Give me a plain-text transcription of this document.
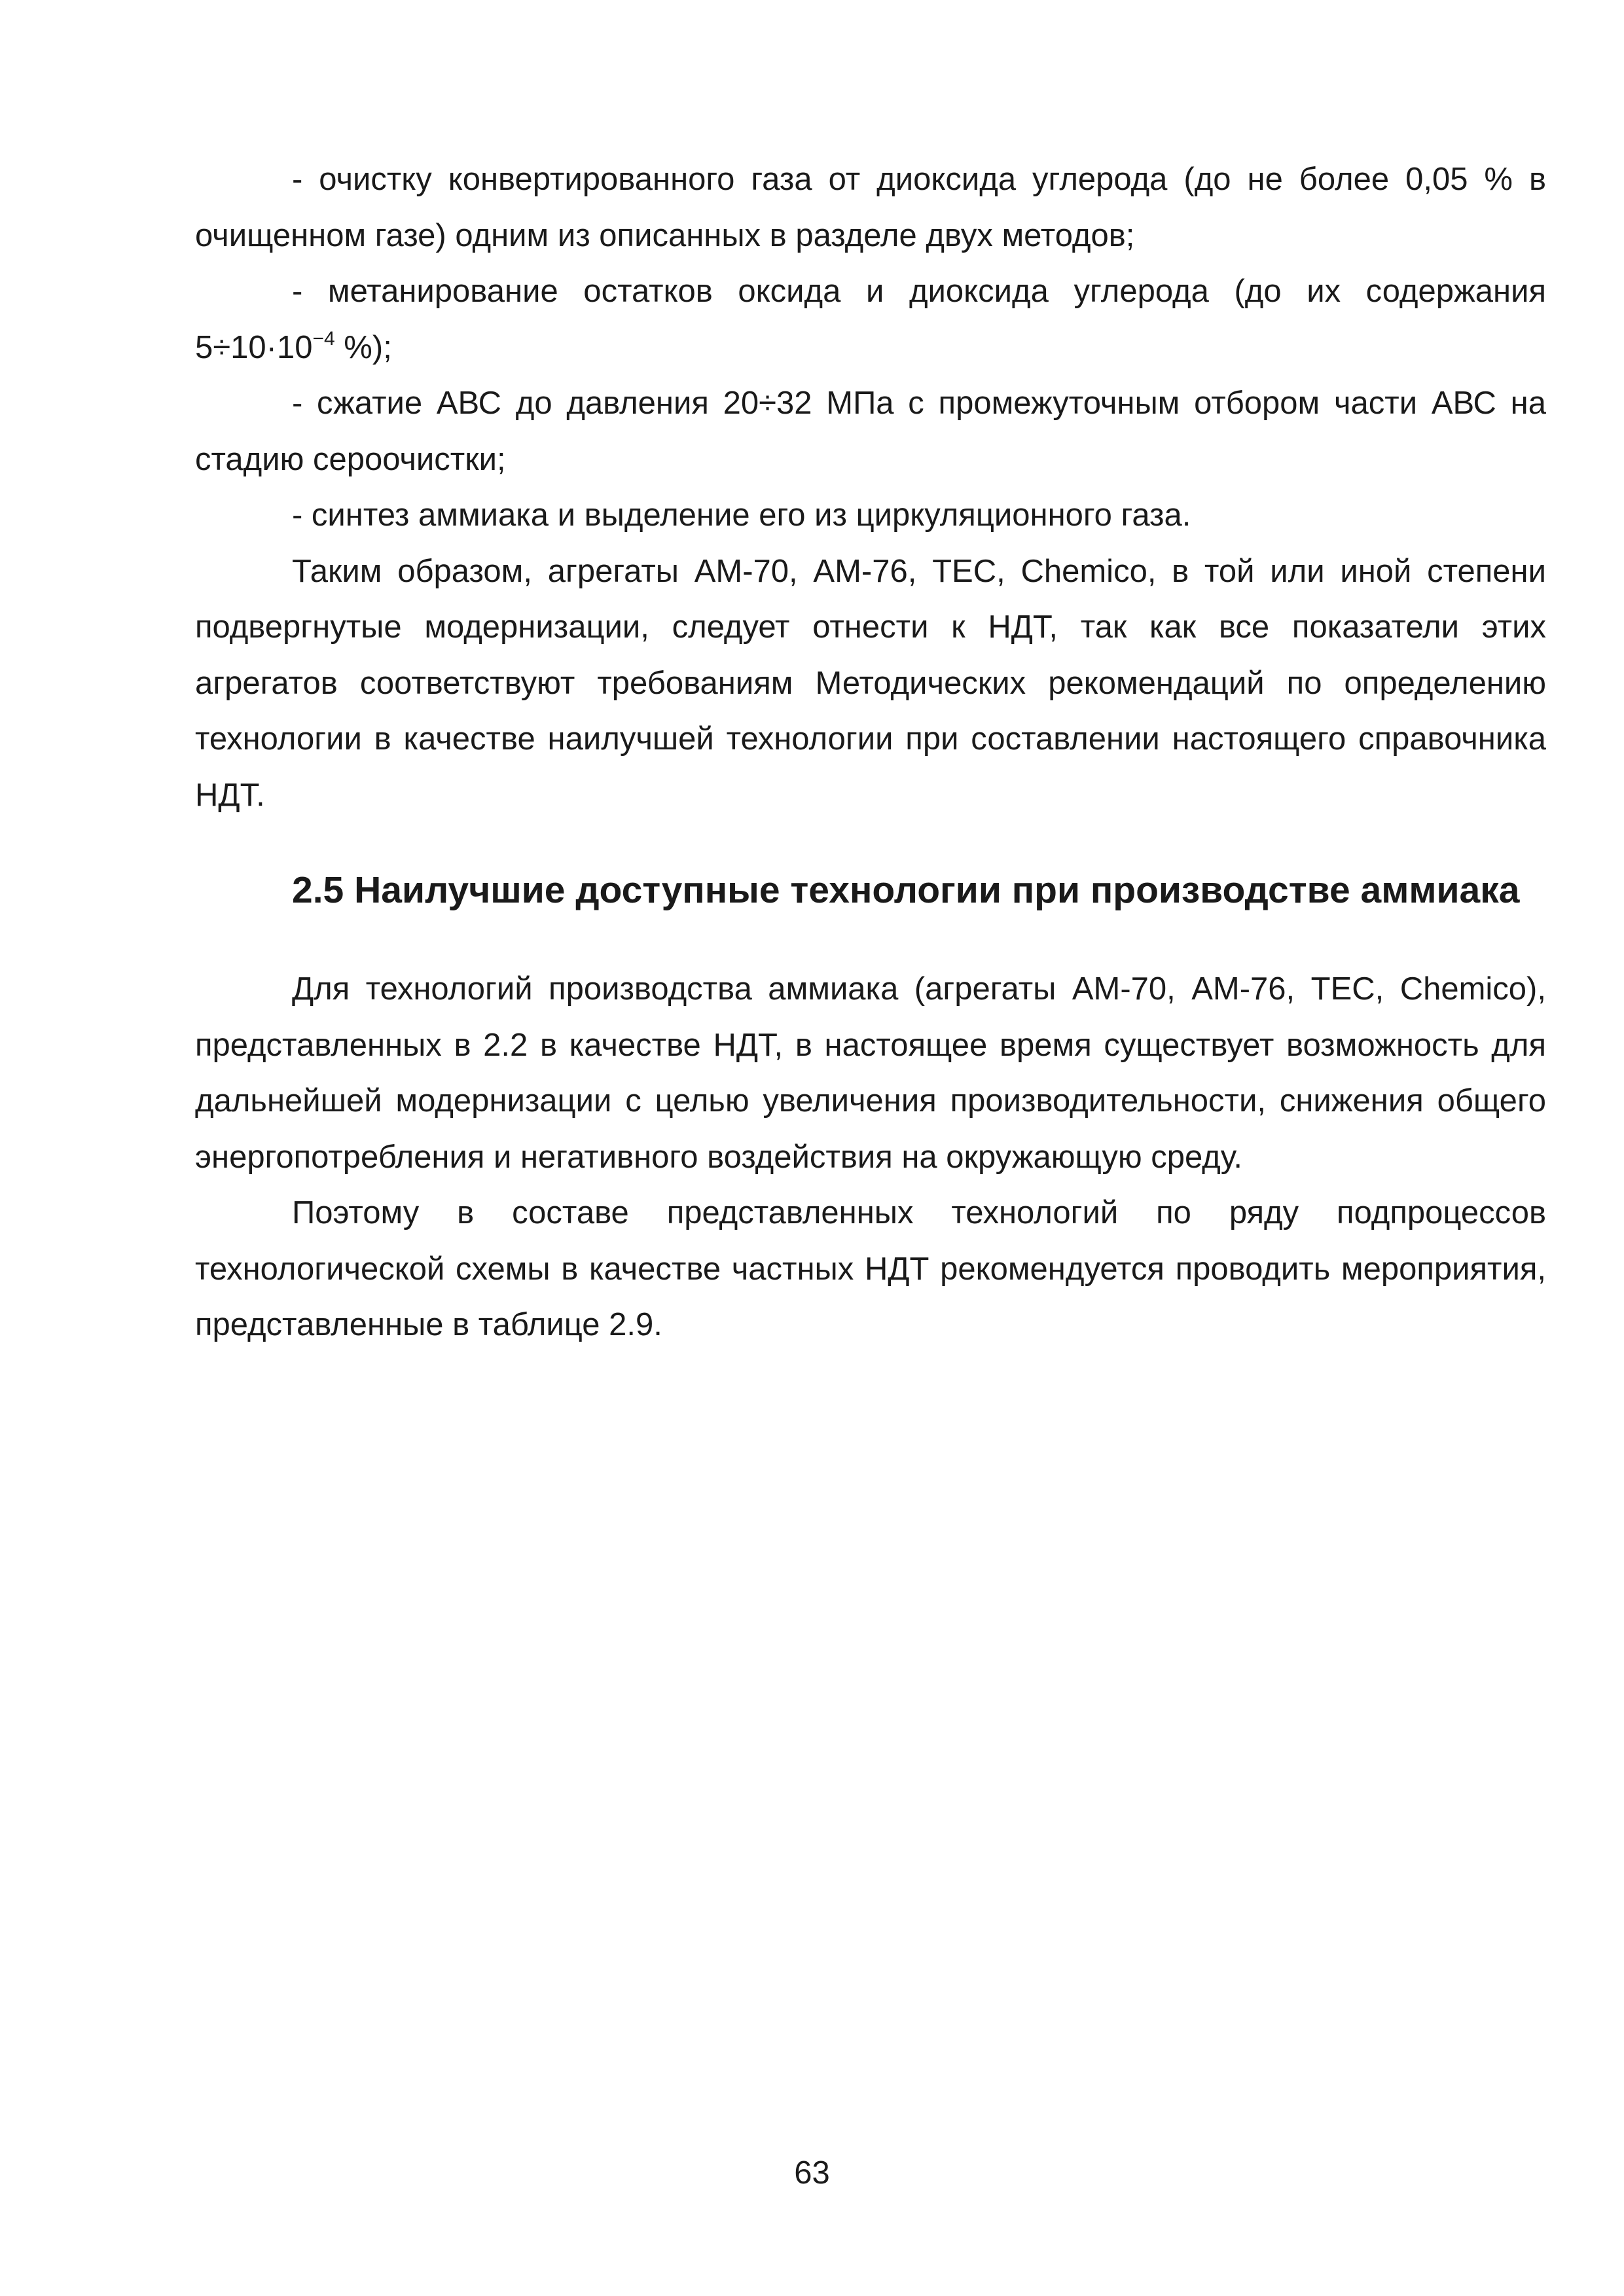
- очистку конвертированного газа от диоксида углерода (до не более 0,05 % в очищенном газе) одним из описанных в разделе двух методов;

- метанирование остатков оксида и диоксида углерода (до их содержания $5\div 10\cdot 10^{-4}$ %);

- сжатие АВС до давления 20÷32 МПа с промежуточным отбором части АВС на стадию сероочистки;

- синтез аммиака и выделение его из циркуляционного газа.

Таким образом, агрегаты АМ-70, АМ-76, ТЕС, Chemico, в той или иной степени подвергнутые модернизации, следует отнести к НДТ, так как все показатели этих агрегатов соответствуют требованиям Методических рекомендаций по определению технологии в качестве наилучшей технологии при составлении настоящего справочника НДТ.

2.5 Наилучшие доступные технологии при производстве аммиака

Для технологий производства аммиака (агрегаты АМ-70, АМ-76, ТЕС, Chemico), представленных в 2.2 в качестве НДТ, в настоящее время существует возможность для дальнейшей модернизации с целью увеличения производительности, снижения общего энергопотребления и негативного воздействия на окружающую среду.

Поэтому в составе представленных технологий по ряду подпроцессов технологической схемы в качестве частных НДТ рекомендуется проводить мероприятия, представленные в таблице 2.9.

63
